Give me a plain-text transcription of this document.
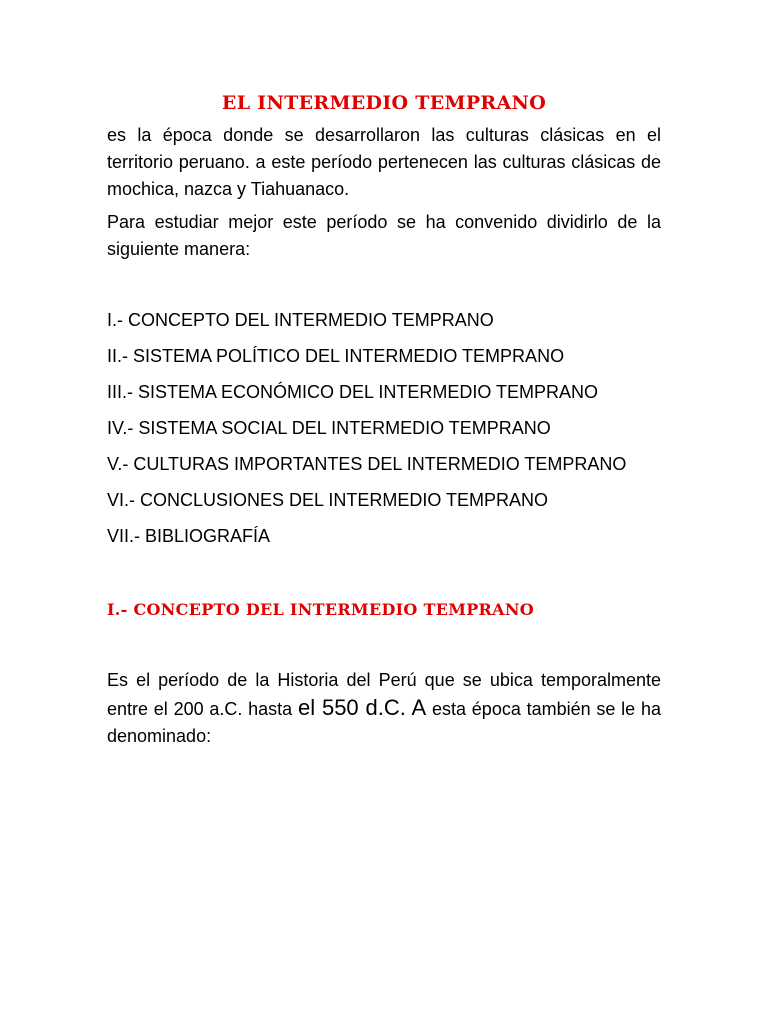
EL INTERMEDIO TEMPRANO

es la época donde se desarrollaron las culturas clásicas en el territorio peruano. a este período pertenecen las culturas clásicas de mochica, nazca y Tiahuanaco.

Para estudiar mejor este período se ha convenido dividirlo de la siguiente manera:

I.- CONCEPTO DEL INTERMEDIO TEMPRANO
II.- SISTEMA POLÍTICO DEL INTERMEDIO TEMPRANO
III.- SISTEMA ECONÓMICO DEL INTERMEDIO TEMPRANO
IV.- SISTEMA SOCIAL DEL INTERMEDIO TEMPRANO
V.- CULTURAS IMPORTANTES DEL INTERMEDIO TEMPRANO
VI.- CONCLUSIONES DEL INTERMEDIO TEMPRANO
VII.- BIBLIOGRAFÍA
I.- CONCEPTO DEL INTERMEDIO TEMPRANO

Es el período de la Historia del Perú que se ubica temporalmente entre el 200 a.C. hasta el 550 d.C. A esta época también se le ha denominado:
